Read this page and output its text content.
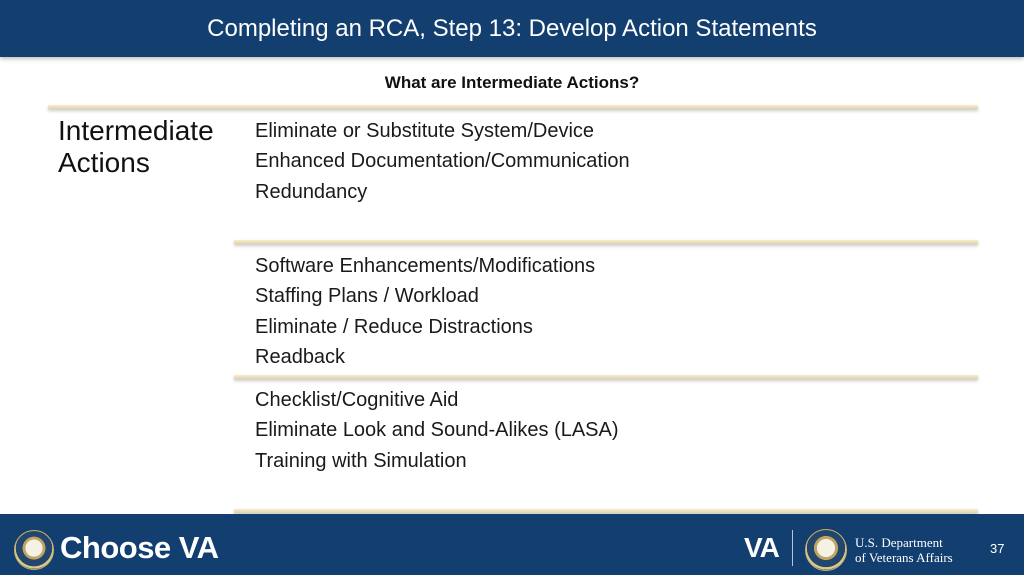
Completing an RCA, Step 13: Develop Action Statements
What are Intermediate Actions?
Intermediate
Actions
Eliminate or Substitute System/Device
Enhanced Documentation/Communication
Redundancy
Software Enhancements/Modifications
Staffing Plans / Workload
Eliminate / Reduce Distractions
Readback
Checklist/Cognitive Aid
Eliminate Look and Sound-Alikes (LASA)
Training with Simulation
Choose VA	VA	U.S. Department
of Veterans Affairs
37
